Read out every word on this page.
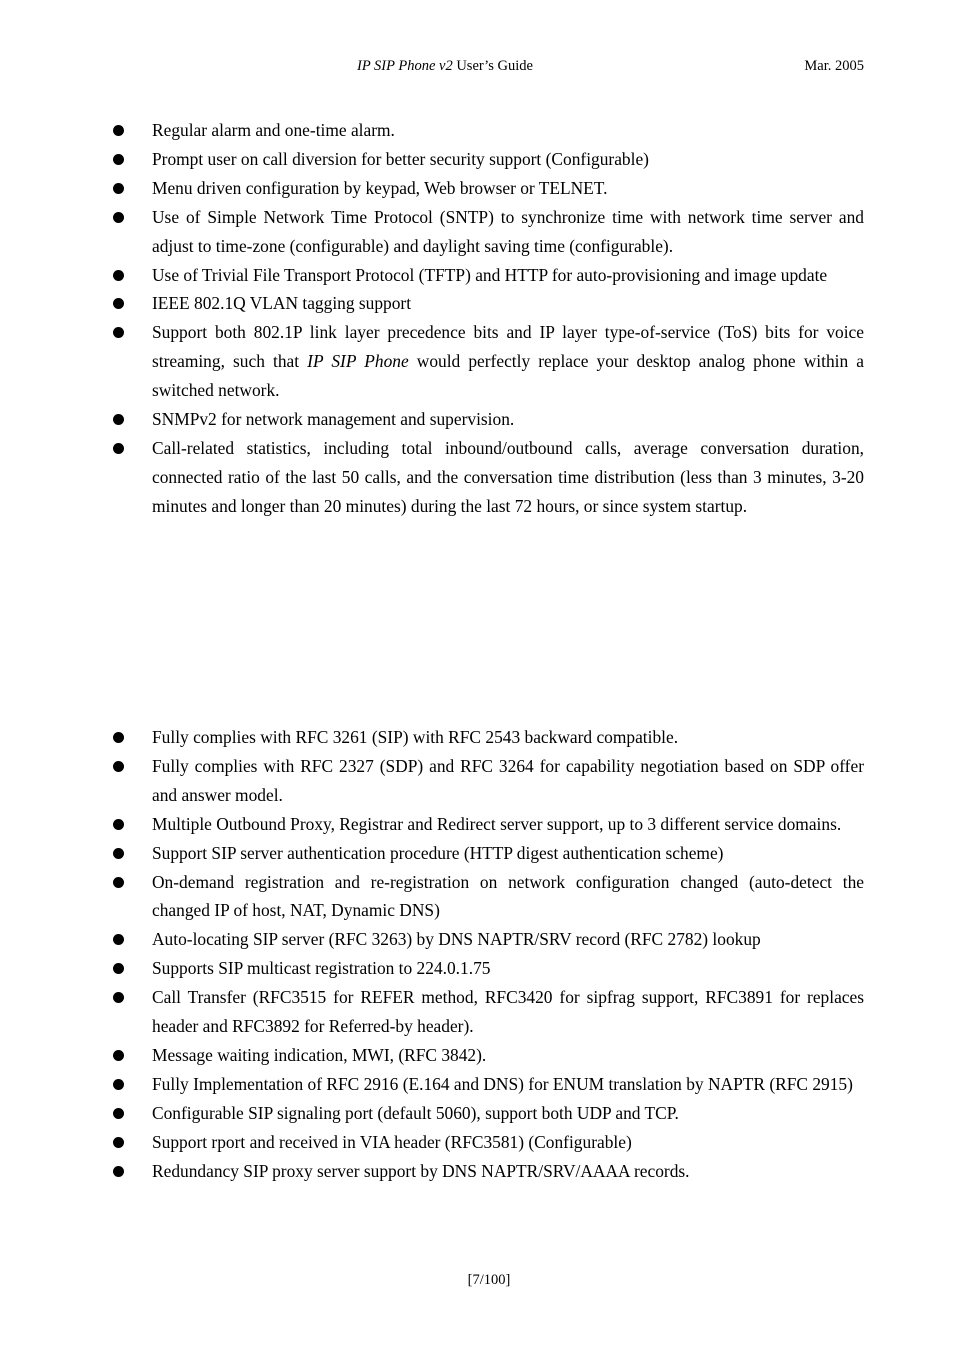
IP SIP Phone v2 User’s Guide	Mar. 2005
Regular alarm and one-time alarm.
Prompt user on call diversion for better security support (Configurable)
Menu driven configuration by keypad, Web browser or TELNET.
Use of Simple Network Time Protocol (SNTP) to synchronize time with network time server and adjust to time-zone (configurable) and daylight saving time (configurable).
Use of Trivial File Transport Protocol (TFTP) and HTTP for auto-provisioning and image update
IEEE 802.1Q VLAN tagging support
Support both 802.1P link layer precedence bits and IP layer type-of-service (ToS) bits for voice streaming, such that IP SIP Phone would perfectly replace your desktop analog phone within a switched network.
SNMPv2 for network management and supervision.
Call-related statistics, including total inbound/outbound calls, average conversation duration, connected ratio of the last 50 calls, and the conversation time distribution (less than 3 minutes, 3-20 minutes and longer than 20 minutes) during the last 72 hours, or since system startup.
Fully complies with RFC 3261 (SIP) with RFC 2543 backward compatible.
Fully complies with RFC 2327 (SDP) and RFC 3264 for capability negotiation based on SDP offer and answer model.
Multiple Outbound Proxy, Registrar and Redirect server support, up to 3 different service domains.
Support SIP server authentication procedure (HTTP digest authentication scheme)
On-demand registration and re-registration on network configuration changed (auto-detect the changed IP of host, NAT, Dynamic DNS)
Auto-locating SIP server (RFC 3263) by DNS NAPTR/SRV record (RFC 2782) lookup
Supports SIP multicast registration to 224.0.1.75
Call Transfer (RFC3515 for REFER method, RFC3420 for sipfrag support, RFC3891 for replaces header and RFC3892 for Referred-by header).
Message waiting indication, MWI, (RFC 3842).
Fully Implementation of RFC 2916 (E.164 and DNS) for ENUM translation by NAPTR (RFC 2915)
Configurable SIP signaling port (default 5060), support both UDP and TCP.
Support rport and received in VIA header (RFC3581) (Configurable)
Redundancy SIP proxy server support by DNS NAPTR/SRV/AAAA records.
[7/100]
